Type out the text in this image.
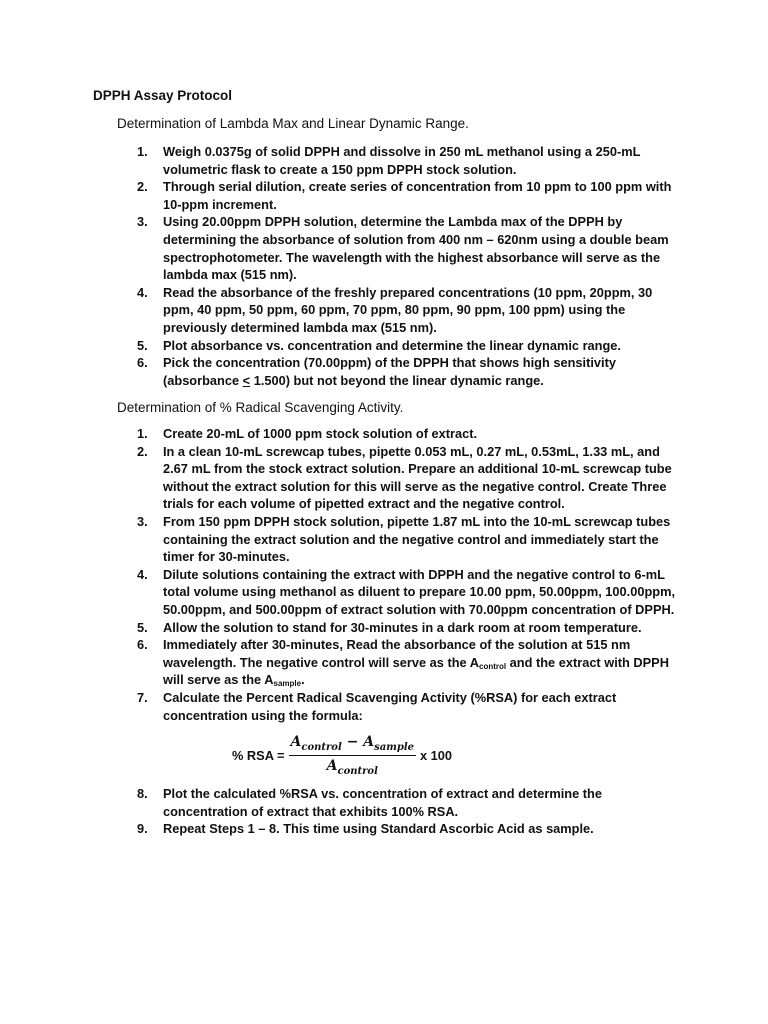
DPPH Assay Protocol

Determination of Lambda Max and Linear Dynamic Range.

1. Weigh 0.0375g of solid DPPH and dissolve in 250 mL methanol using a 250-mL volumetric flask to create a 150 ppm DPPH stock solution.
2. Through serial dilution, create series of concentration from 10 ppm to 100 ppm with 10-ppm increment.
3. Using 20.00ppm DPPH solution, determine the Lambda max of the DPPH by determining the absorbance of solution from 400 nm – 620nm using a double beam spectrophotometer. The wavelength with the highest absorbance will serve as the lambda max (515 nm).
4. Read the absorbance of the freshly prepared concentrations (10 ppm, 20ppm, 30 ppm, 40 ppm, 50 ppm, 60 ppm, 70 ppm, 80 ppm, 90 ppm, 100 ppm) using the previously determined lambda max (515 nm).
5. Plot absorbance vs. concentration and determine the linear dynamic range.
6. Pick the concentration (70.00ppm) of the DPPH that shows high sensitivity (absorbance ≤ 1.500) but not beyond the linear dynamic range.

Determination of % Radical Scavenging Activity.

1. Create 20-mL of 1000 ppm stock solution of extract.
2. In a clean 10-mL screwcap tubes, pipette 0.053 mL, 0.27 mL, 0.53mL, 1.33 mL, and 2.67 mL from the stock extract solution. Prepare an additional 10-mL screwcap tube without the extract solution for this will serve as the negative control. Create Three trials for each volume of pipetted extract and the negative control.
3. From 150 ppm DPPH stock solution, pipette 1.87 mL into the 10-mL screwcap tubes containing the extract solution and the negative control and immediately start the timer for 30-minutes.
4. Dilute solutions containing the extract with DPPH and the negative control to 6-mL total volume using methanol as diluent to prepare 10.00 ppm, 50.00ppm, 100.00ppm, 50.00ppm, and 500.00ppm of extract solution with 70.00ppm concentration of DPPH.
5. Allow the solution to stand for 30-minutes in a dark room at room temperature.
6. Immediately after 30-minutes, Read the absorbance of the solution at 515 nm wavelength. The negative control will serve as the $A_{control}$ and the extract with DPPH will serve as the $A_{sample}$.
7. Calculate the Percent Radical Scavenging Activity (%RSA) for each extract concentration using the formula:
% RSA = $\frac{A_{control} - A_{sample}}{A_{control}}$ x 100
8. Plot the calculated %RSA vs. concentration of extract and determine the concentration of extract that exhibits 100% RSA.
9. Repeat Steps 1 – 8. This time using Standard Ascorbic Acid as sample.
